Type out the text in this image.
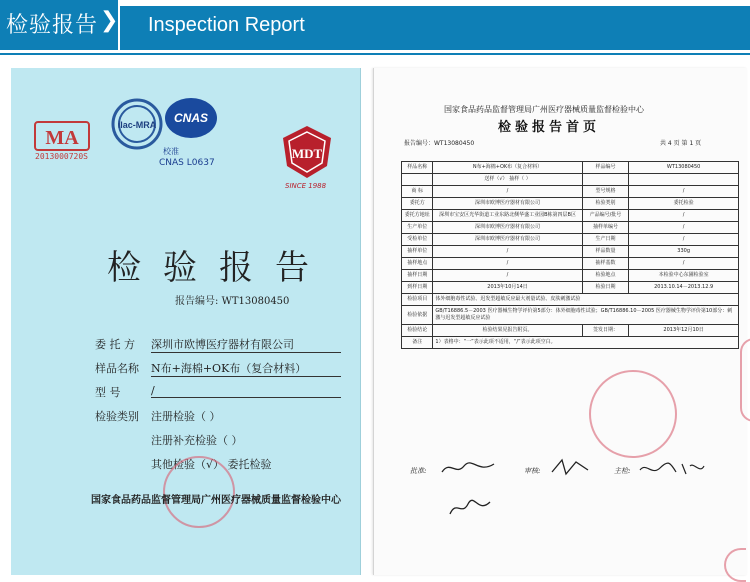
检验报告 ❯ Inspection Report
MA
2013000720S
ilac-MRA CNAS
校准
CNAS L0637
MDT
SINCE 1988
检验报告
报告编号: WT13080450
委 托 方 深圳市欧博医疗器材有限公司
样品名称 N布+海棉+OK布（复合材料）
型 号	/
检验类别 注册检验（ ）
注册补充检验（ ）
其他检验（√） 委托检验
国家食品药品监督管理局广州医疗器械质量监督检验中心
国家食品药品监督管理局广州医疗器械质量监督检验中心
检验报告首页
报告编号：WT13080450	共 4 页 第 1 页
样品名称	N布+海棉+OK布（复合材料）	样品编号	WT13080450
	送样（√） 抽样（ ）		
商 标	/	型号规格	/
委托方	深圳市欧博医疗器材有限公司	检验类别	委托检验
委托方地址	深圳市宝安区光华街道工业东路北侧华盛工业园B栋第四层B区	产品编号/批号	/
生产单位	深圳市欧博医疗器材有限公司	抽样单编号	/
受检单位	深圳市欧博医疗器材有限公司	生产日期	/
抽样单位	/	样品数量	330g
抽样地点	/	抽样基数	/
抽样日期	/	检验地点	本检验中心东圃检验室
到样日期	2013年10月14日	检验日期	2013.10.14－2013.12.9
检验项目	体外细胞毒性试验、迟发型超敏反应最大剂量试验、皮肤刺激试验		
检验依据	GB/T16886.5－2003 医疗器械生物学评价第5部分：体外细胞毒性试验；GB/T16886.10－2005 医疗器械生物学评价第10部分：刺激与迟发型超敏反应试验		
检验结论	检验结果见报告附页。	签发日期：	2013年12月10日
备注	1）表格中：“一”表示此项不适用，“/”表示此项空白。		
批准:	审核:	主检:
